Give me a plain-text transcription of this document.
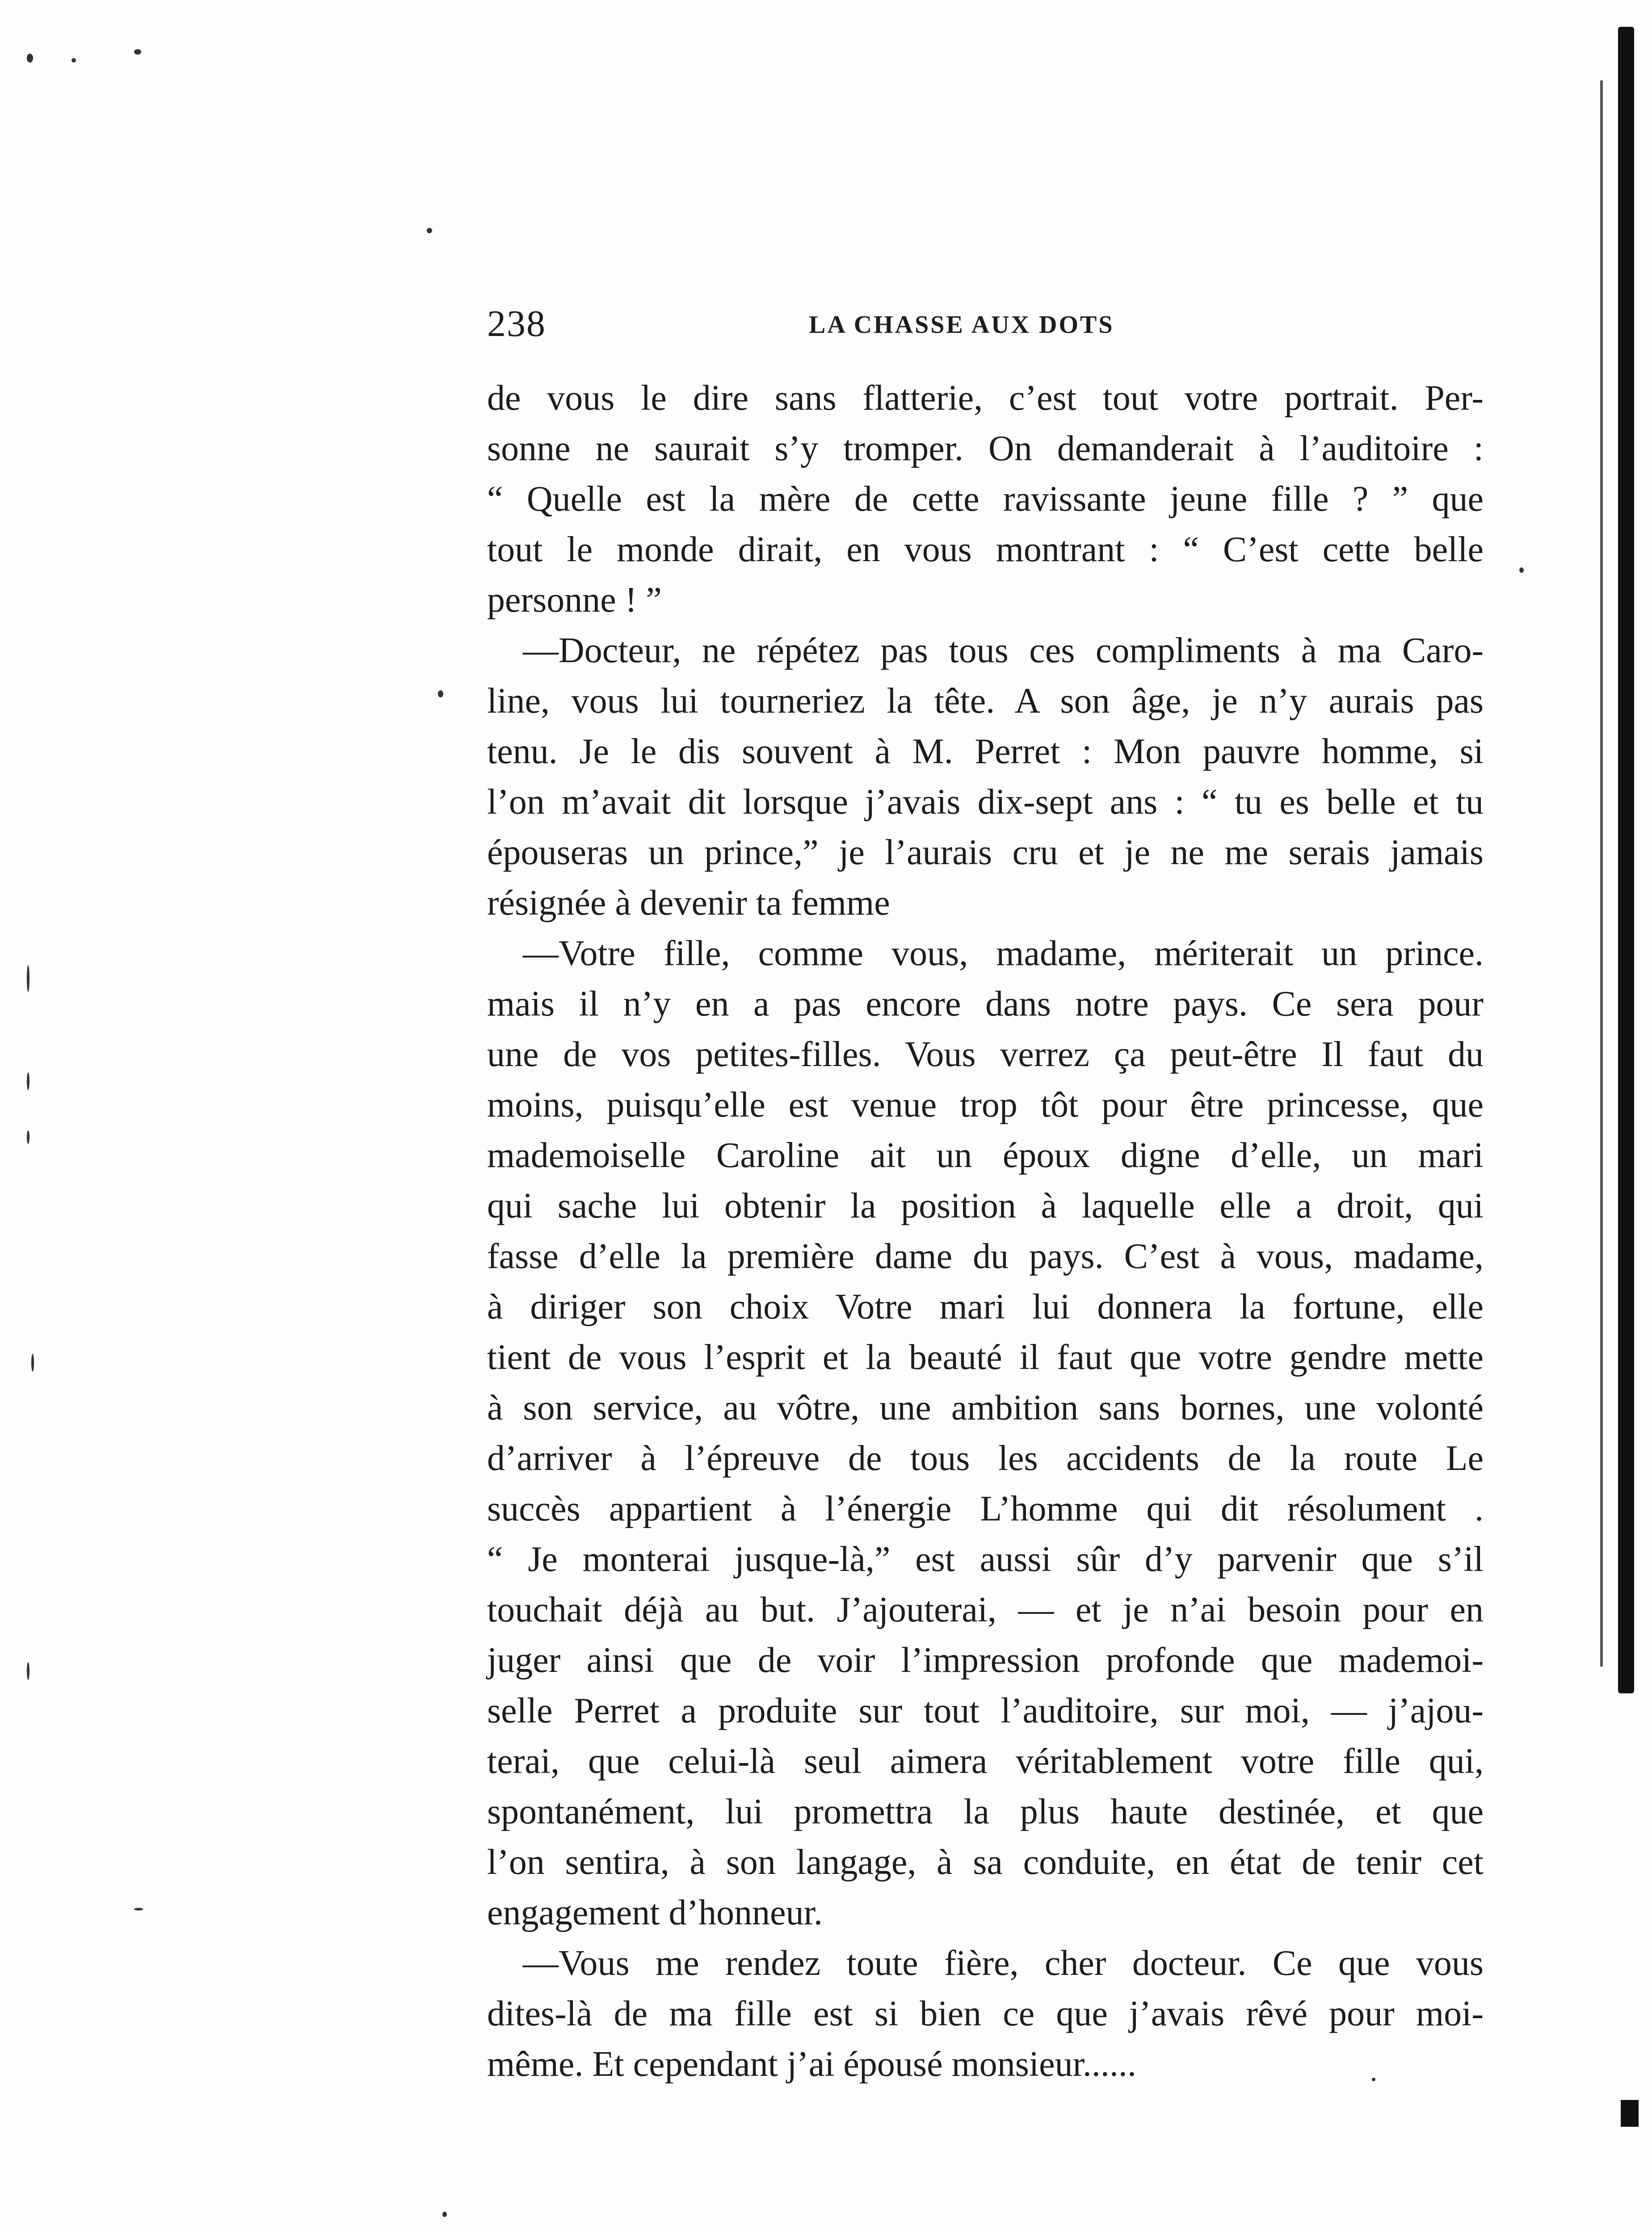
238	LA CHASSE AUX DOTS
de vous le dire sans flatterie, c’est tout votre portrait. Per-
sonne ne saurait s’y tromper. On demanderait à l’auditoire :
“ Quelle est la mère de cette ravissante jeune fille ? ” que
tout le monde dirait, en vous montrant : “ C’est cette belle
personne ! ”
—Docteur, ne répétez pas tous ces compliments à ma Caro-
line, vous lui tourneriez la tête. A son âge, je n’y aurais pas
tenu. Je le dis souvent à M. Perret : Mon pauvre homme, si
l’on m’avait dit lorsque j’avais dix-sept ans : “ tu es belle et tu
épouseras un prince,” je l’aurais cru et je ne me serais jamais
résignée à devenir ta femme
—Votre fille, comme vous, madame, mériterait un prince.
mais il n’y en a pas encore dans notre pays. Ce sera pour
une de vos petites-filles. Vous verrez ça peut-être Il faut du
moins, puisqu’elle est venue trop tôt pour être princesse, que
mademoiselle Caroline ait un époux digne d’elle, un mari
qui sache lui obtenir la position à laquelle elle a droit, qui
fasse d’elle la première dame du pays. C’est à vous, madame,
à diriger son choix Votre mari lui donnera la fortune, elle
tient de vous l’esprit et la beauté il faut que votre gendre mette
à son service, au vôtre, une ambition sans bornes, une volonté
d’arriver à l’épreuve de tous les accidents de la route Le
succès appartient à l’énergie L’homme qui dit résolument .
“ Je monterai jusque-là,” est aussi sûr d’y parvenir que s’il
touchait déjà au but. J’ajouterai, — et je n’ai besoin pour en
juger ainsi que de voir l’impression profonde que mademoi-
selle Perret a produite sur tout l’auditoire, sur moi, — j’ajou-
terai, que celui-là seul aimera véritablement votre fille qui,
spontanément, lui promettra la plus haute destinée, et que
l’on sentira, à son langage, à sa conduite, en état de tenir cet
engagement d’honneur.
—Vous me rendez toute fière, cher docteur. Ce que vous
dites-là de ma fille est si bien ce que j’avais rêvé pour moi-
même. Et cependant j’ai épousé monsieur......
